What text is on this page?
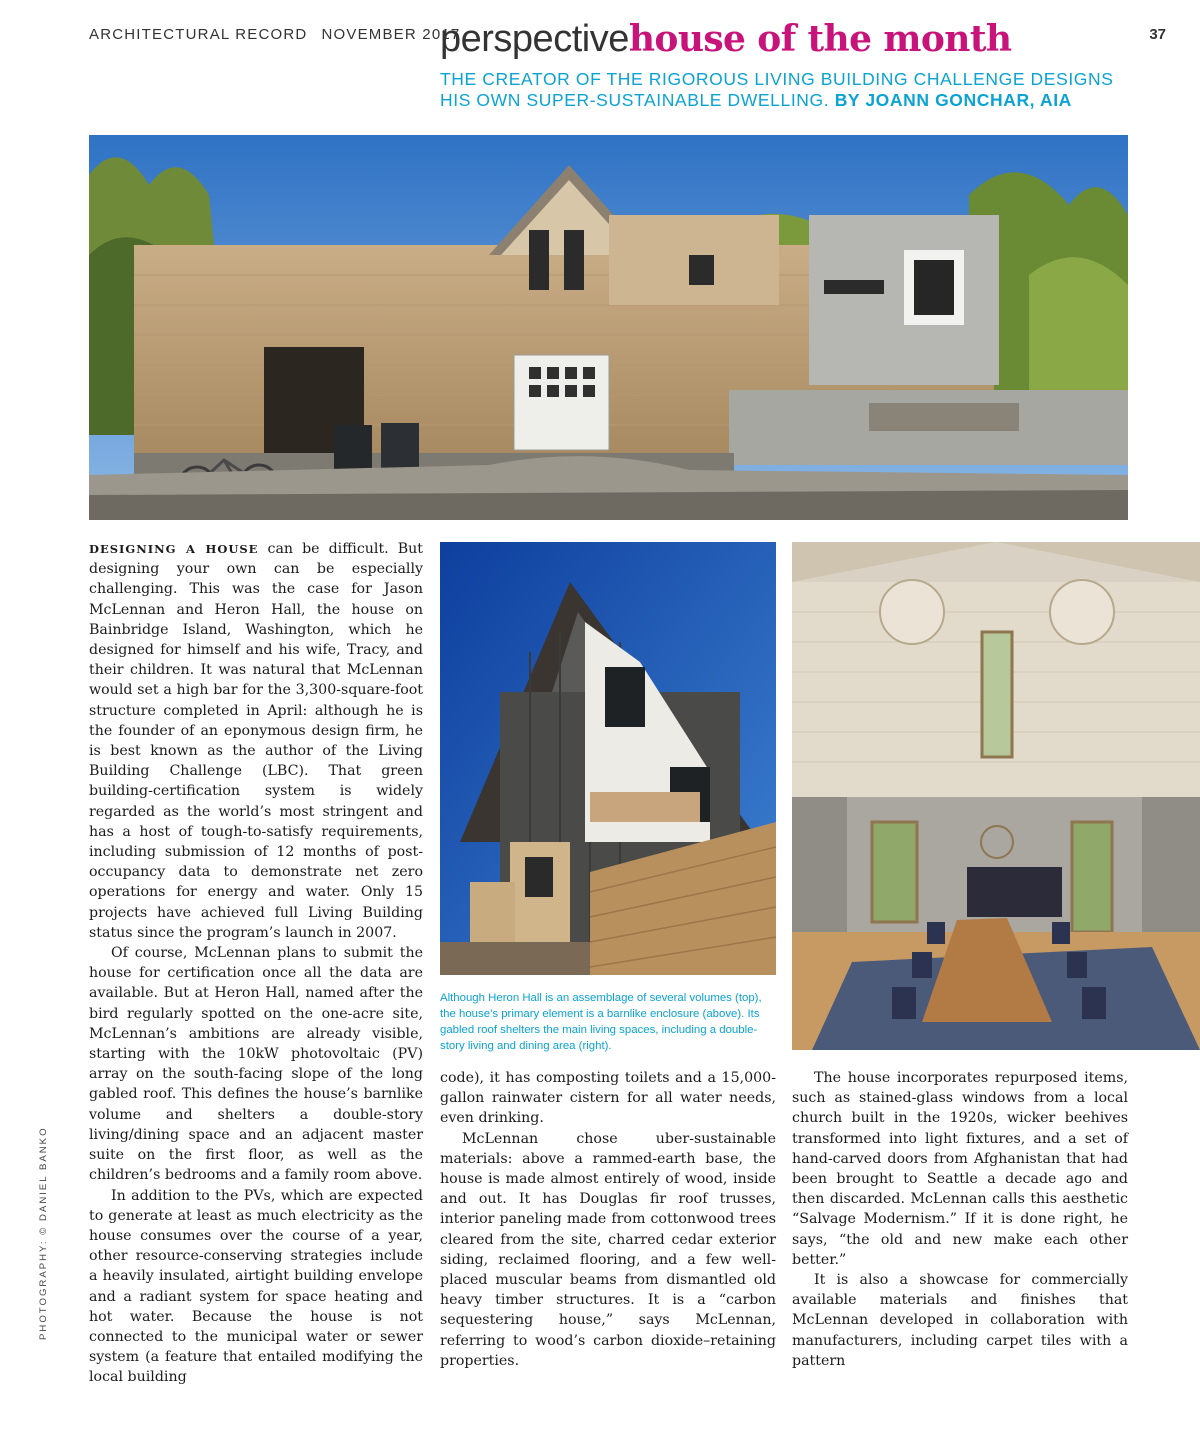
ARCHITECTURAL RECORD NOVEMBER 2017
perspectivehouse of the month	37
THE CREATOR OF THE RIGOROUS LIVING BUILDING CHALLENGE DESIGNS HIS OWN SUPER-SUSTAINABLE DWELLING. BY JOANN GONCHAR, AIA
Although Heron Hall is an assemblage of several volumes (top), the house’s primary element is a barnlike enclosure (above). Its gabled roof shelters the main living spaces, including a double-story living and dining area (right).

DESIGNING A HOUSE can be difficult. But designing your own can be especially challenging. This was the case for Jason McLennan and Heron Hall, the house on Bainbridge Island, Washington, which he designed for himself and his wife, Tracy, and their children. It was natural that McLennan would set a high bar for the 3,300-square-foot structure completed in April: although he is the founder of an eponymous design firm, he is best known as the author of the Living Building Challenge (LBC). That green building-certification system is widely regarded as the world’s most stringent and has a host of tough-to-satisfy requirements, including submission of 12 months of post-occupancy data to demonstrate net zero operations for energy and water. Only 15 projects have achieved full Living Building status since the program’s launch in 2007.

Of course, McLennan plans to submit the house for certification once all the data are available. But at Heron Hall, named after the bird regularly spotted on the one-acre site, McLennan’s ambitions are already visible, starting with the 10kW photovoltaic (PV) array on the south-facing slope of the long gabled roof. This defines the house’s barnlike volume and shelters a double-story living/dining space and an adjacent master suite on the first floor, as well as the children’s bedrooms and a family room above.

In addition to the PVs, which are expected to generate at least as much electricity as the house consumes over the course of a year, other resource-conserving strategies include a heavily insulated, airtight building envelope and a radiant system for space heating and hot water. Because the house is not connected to the municipal water or sewer system (a feature that entailed modifying the local building

code), it has composting toilets and a 15,000-gallon rainwater cistern for all water needs, even drinking.

McLennan chose uber-sustainable materials: above a rammed-earth base, the house is made almost entirely of wood, inside and out. It has Douglas fir roof trusses, interior paneling made from cottonwood trees cleared from the site, charred cedar exterior siding, reclaimed flooring, and a few well-placed muscular beams from dismantled old heavy timber structures. It is a “carbon sequestering house,” says McLennan, referring to wood’s carbon dioxide–retaining properties.

The house incorporates repurposed items, such as stained-glass windows from a local church built in the 1920s, wicker beehives transformed into light fixtures, and a set of hand-carved doors from Afghanistan that had been brought to Seattle a decade ago and then discarded. McLennan calls this aesthetic “Salvage Modernism.” If it is done right, he says, “the old and new make each other better.”

It is also a showcase for commercially available materials and finishes that McLennan developed in collaboration with manufacturers, including carpet tiles with a pattern

PHOTOGRAPHY: © DANIEL BANKO
